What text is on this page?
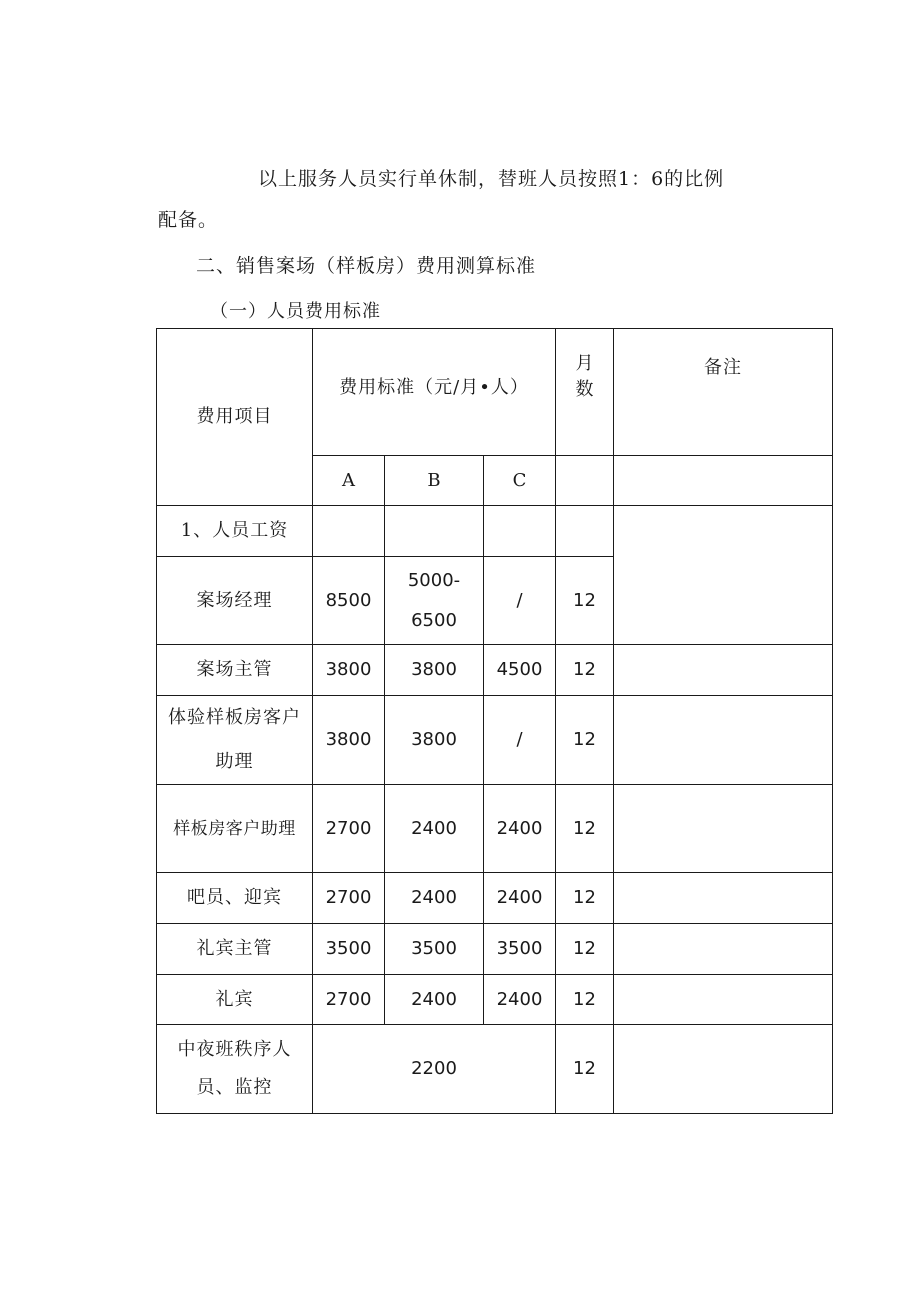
以上服务人员实行单休制，替班人员按照1：6的比例
配备。
二、销售案场（样板房）费用测算标准
（一）人员费用标准
费用项目	费用标准（元/月•人）			月数	备注
	A	B	C		
1、人员工资					
案场经理	8500	5000-6500	/	12	
案场主管	3800	3800	4500	12	
体验样板房客户助理	3800	3800	/	12	
样板房客户助理	2700	2400	2400	12	
吧员、迎宾	2700	2400	2400	12	
礼宾主管	3500	3500	3500	12	
礼宾	2700	2400	2400	12	
中夜班秩序人员、监控	2200			12	
